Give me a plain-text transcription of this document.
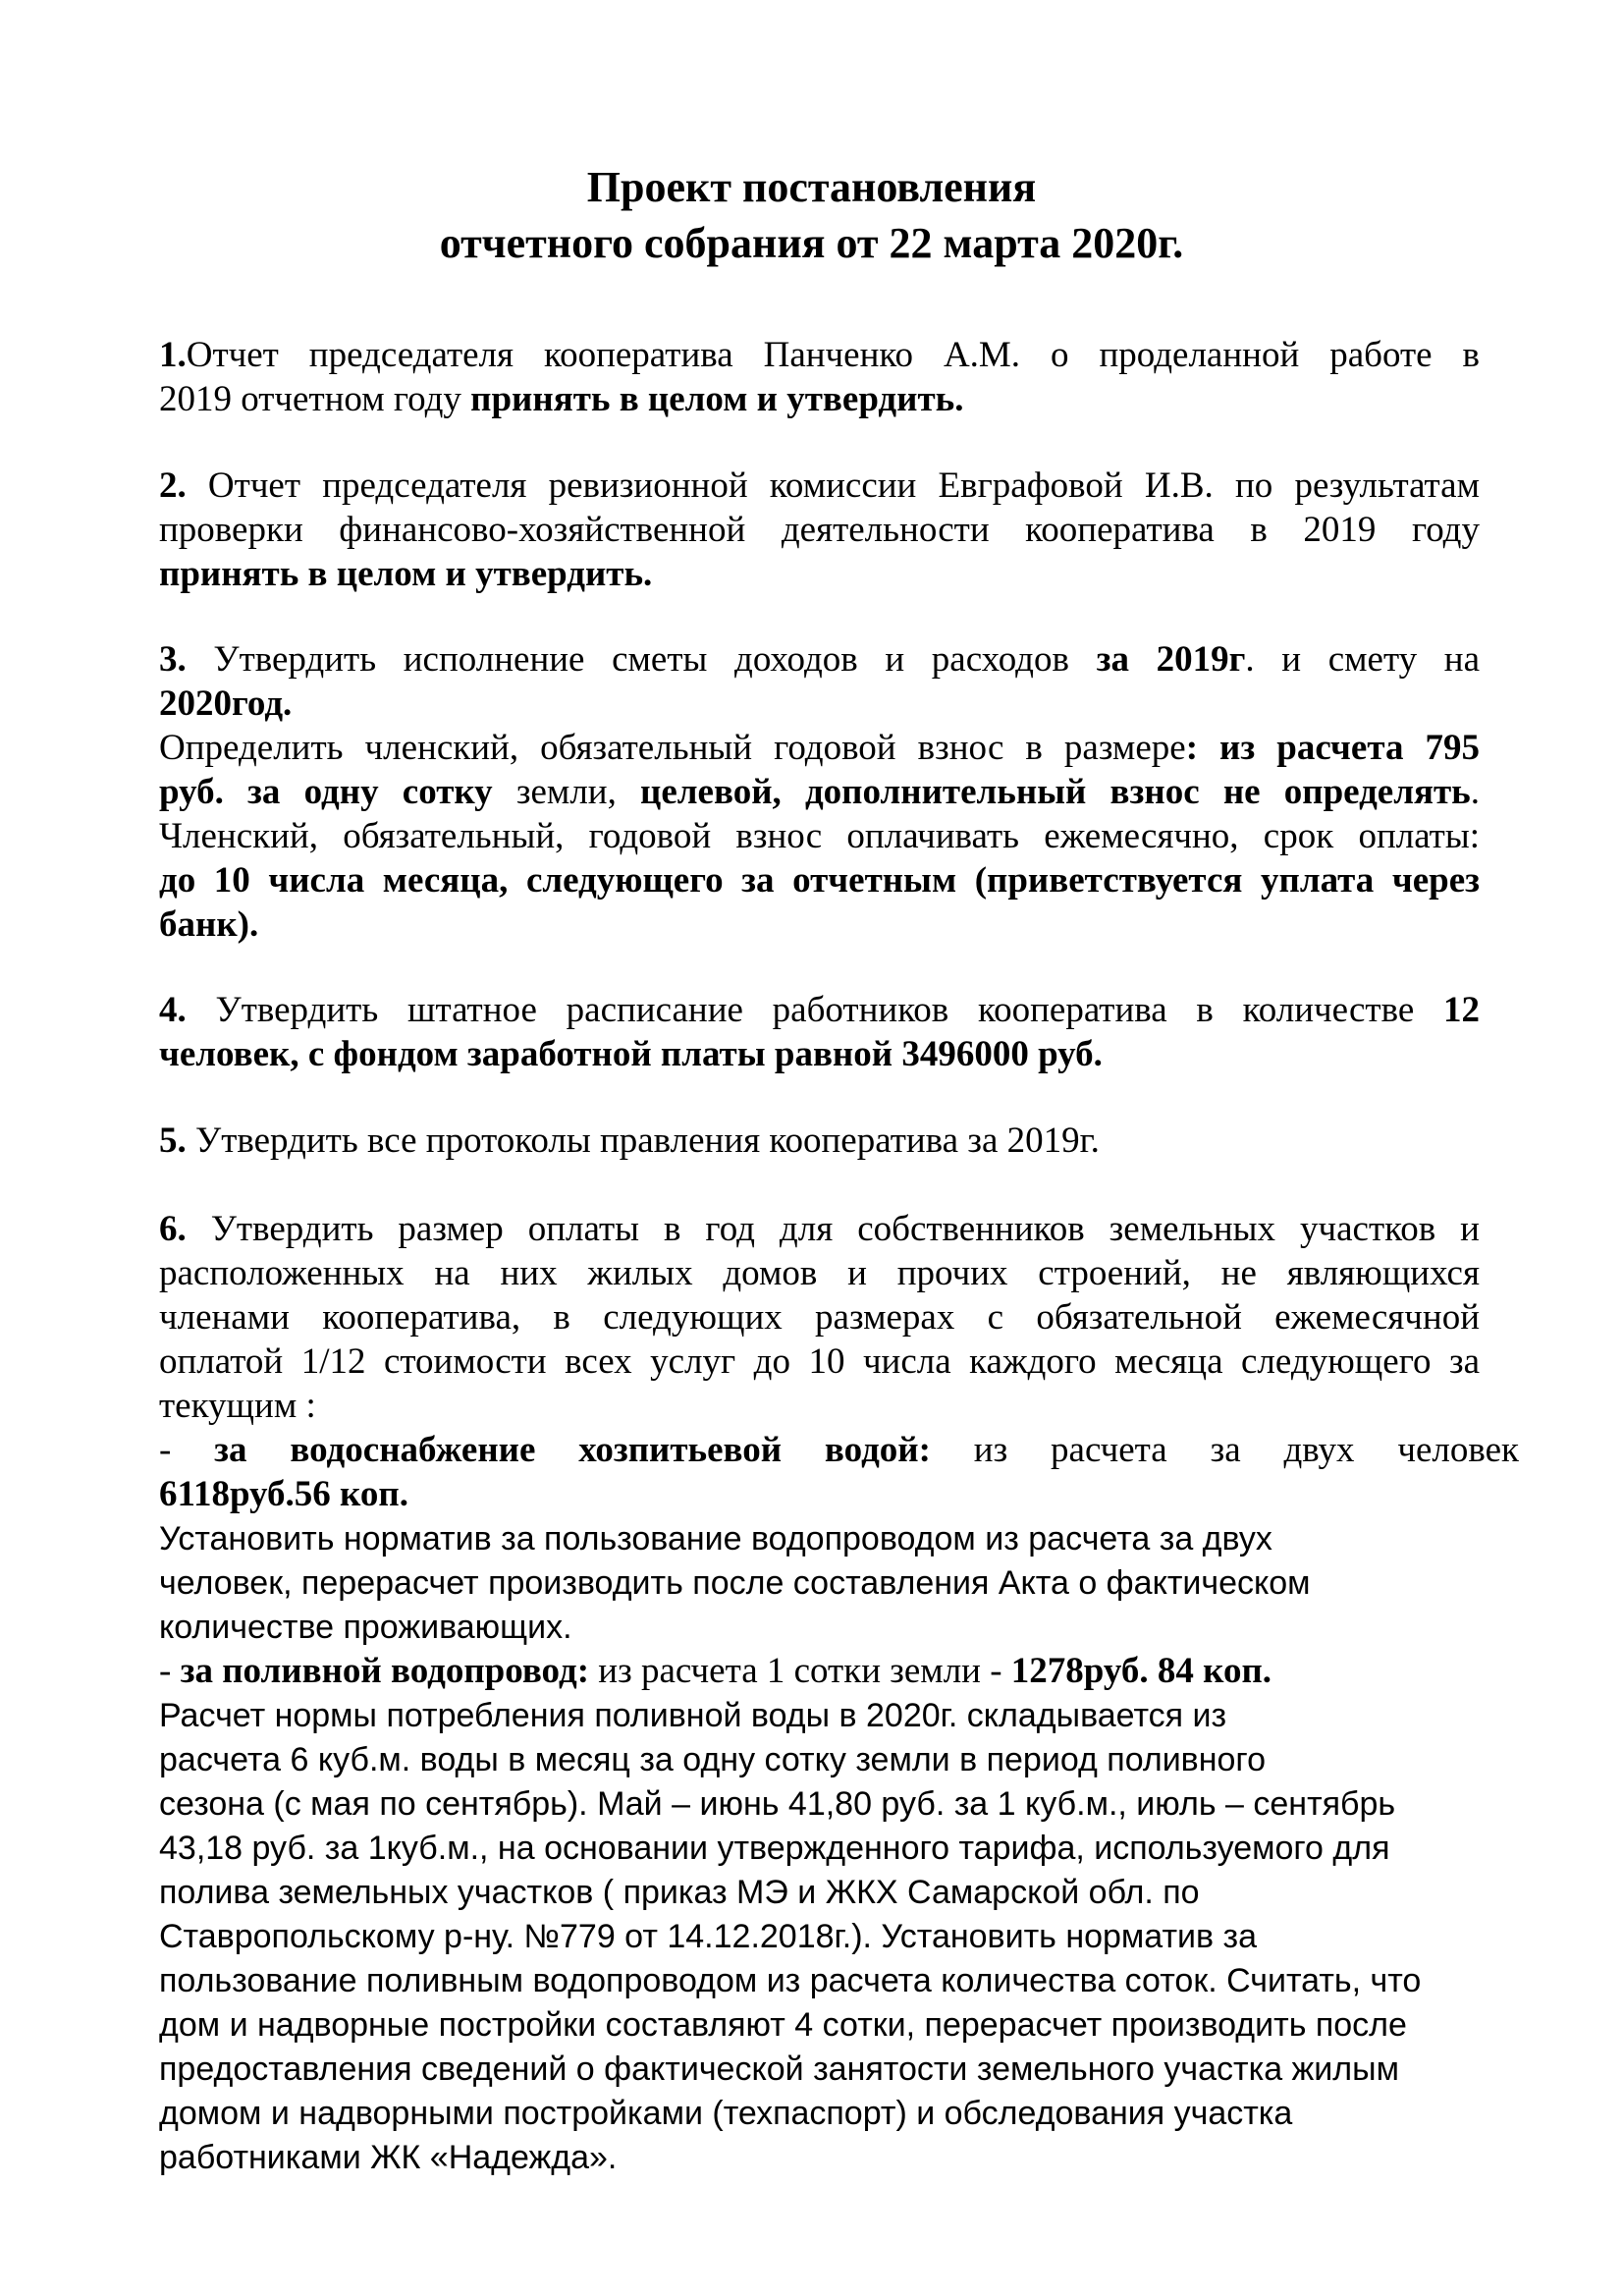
Проект постановления
отчетного собрания от 22 марта 2020г.
1.Отчет председателя кооператива Панченко А.М. о проделанной работе в
2019 отчетном году принять в целом и утвердить.
2. Отчет председателя ревизионной комиссии Евграфовой И.В. по результатам
проверки финансово-хозяйственной деятельности кооператива в 2019 году
принять в целом и утвердить.
3. Утвердить исполнение сметы доходов и расходов за 2019г. и смету на
2020год.
Определить членский, обязательный годовой взнос в размере: из расчета 795
руб. за одну сотку земли, целевой, дополнительный взнос не определять.
Членский, обязательный, годовой взнос оплачивать ежемесячно, срок оплаты:
до 10 числа месяца, следующего за отчетным (приветствуется уплата через
банк).
4. Утвердить штатное расписание работников кооператива в количестве 12
человек, с фондом заработной платы равной 3496000 руб.
5. Утвердить все протоколы правления кооператива за 2019г.
6. Утвердить размер оплаты в год для собственников земельных участков и
расположенных на них жилых домов и прочих строений, не являющихся
членами кооператива, в следующих размерах с обязательной ежемесячной
оплатой 1/12 стоимости всех услуг до 10 числа каждого месяца следующего за
текущим :
- за водоснабжение хозпитьевой водой: из расчета за двух человек
6118руб.56 коп.
Установить норматив за пользование водопроводом из расчета за двух
человек, перерасчет производить после составления Акта о фактическом
количестве проживающих.
- за поливной водопровод: из расчета 1 сотки земли - 1278руб. 84 коп.
Расчет нормы потребления поливной воды в 2020г. складывается из
расчета 6 куб.м. воды в месяц за одну сотку земли в период поливного
сезона (с мая по сентябрь). Май – июнь 41,80 руб. за 1 куб.м., июль – сентябрь
43,18 руб. за 1куб.м., на основании утвержденного тарифа, используемого для
полива земельных участков ( приказ МЭ и ЖКХ Самарской обл. по
Ставропольскому р-ну. №779 от 14.12.2018г.). Установить норматив за
пользование поливным водопроводом из расчета количества соток. Считать, что
дом и надворные постройки составляют 4 сотки, перерасчет производить после
предоставления сведений о фактической занятости земельного участка жилым
домом и надворными постройками (техпаспорт) и обследования участка
работниками ЖК «Надежда».
